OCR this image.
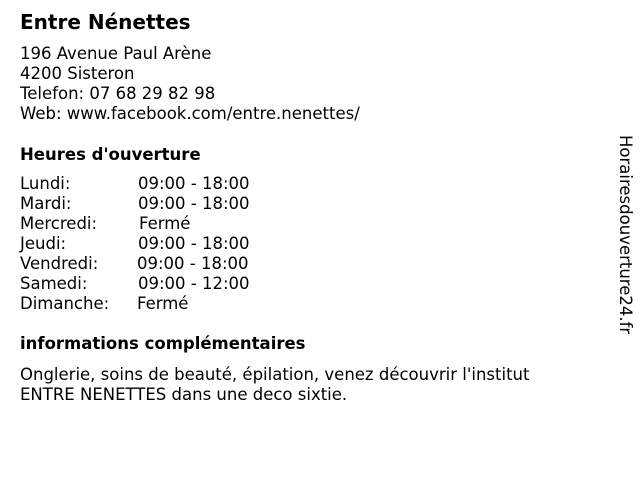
Entre Nénettes
196 Avenue Paul Arène
4200 Sisteron
Telefon: 07 68 29 82 98
Web: www.facebook.com/entre.nenettes/
Heures d'ouverture
Lundi:	09:00 - 18:00
Mardi:	09:00 - 18:00
Mercredi:	Fermé
Jeudi:	09:00 - 18:00
Vendredi: 09:00 - 18:00
Samedi:	09:00 - 12:00
Dimanche: Fermé
informations complémentaires
Onglerie, soins de beauté, épilation, venez découvrir l'institut
ENTRE NENETTES dans une deco sixtie.
Horairesdouverture24.fr
